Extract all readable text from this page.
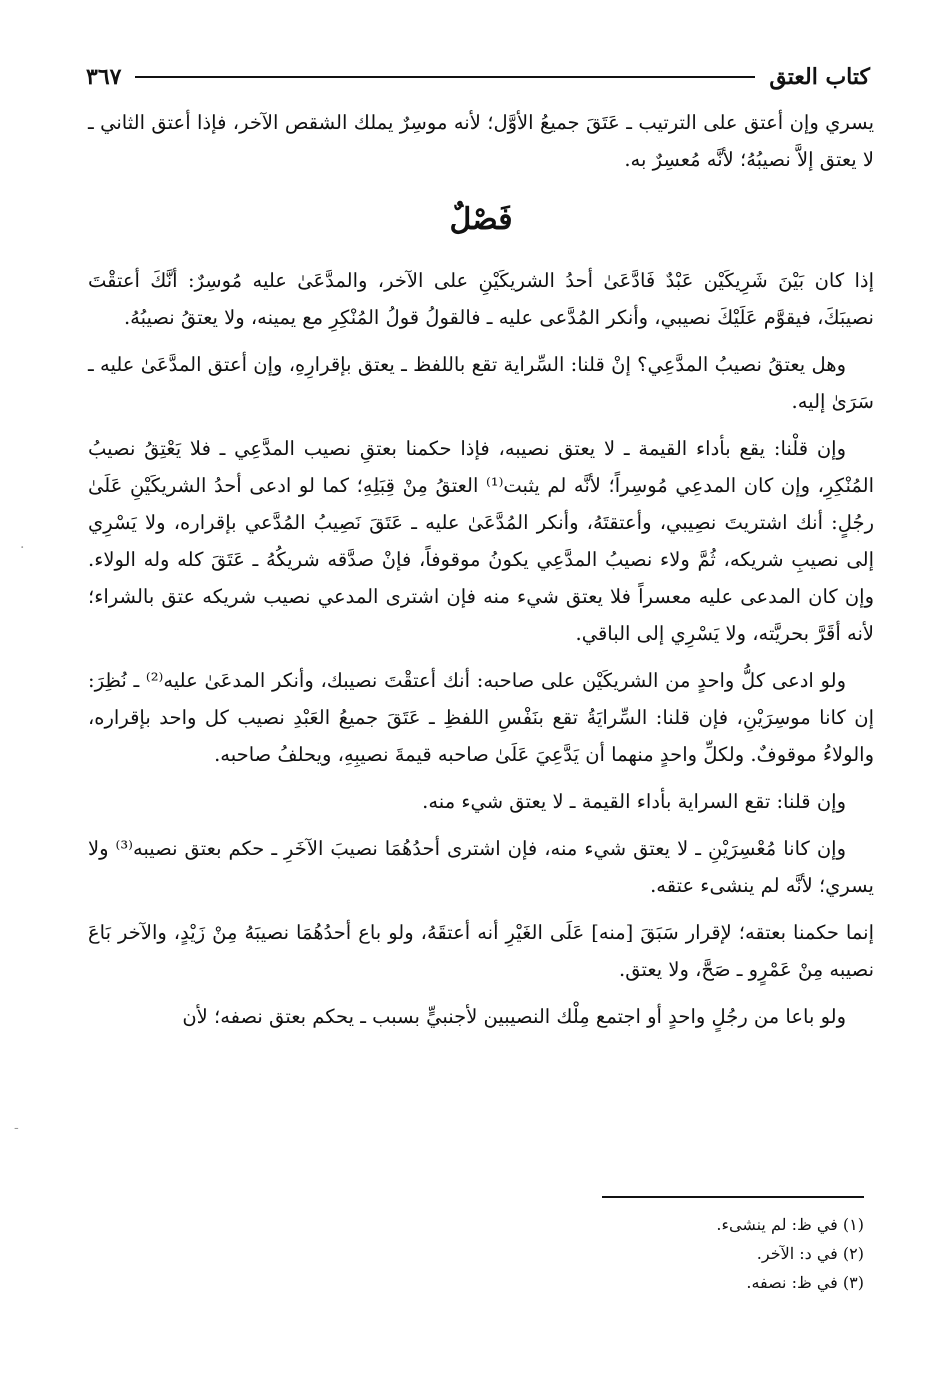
كتاب العتق
٣٦٧

يسري وإن أعتق على الترتيب ـ عَتَقَ جميعُ الأوَّل؛ لأنه موسِرٌ يملك الشقص الآخر، فإذا أعتق الثاني ـ لا يعتق إلاَّ نصيبُهُ؛ لأنَّه مُعسِرٌ به.

فَصْلٌ

إذا كان بَيْنَ شَرِيكَيْن عَبْدٌ فَادَّعَىٰ أحدُ الشريكَيْنِ على الآخر، والمدَّعَىٰ عليه مُوسِرٌ: أنَّكَ أعتقْتَ نصيبَكَ، فيقوَّم عَلَيْكَ نصيبي، وأنكر المُدَّعى عليه ـ فالقولُ قولُ المُنْكِرِ مع يمينه، ولا يعتقُ نصيبُهُ.

وهل يعتقُ نصيبُ المدَّعِي؟ إنْ قلنا: السِّراية تقع باللفظ ـ يعتق بإقرارِهِ، وإن أعتق المدَّعَىٰ عليه ـ سَرَىٰ إليه.

وإن قلْنا: يقع بأداء القيمة ـ لا يعتق نصيبه، فإذا حكمنا بعتقِ نصيب المدَّعِي ـ فلا يَعْتِقُ نصيبُ المُنْكِرِ، وإن كان المدعِي مُوسِراً؛ لأنَّه لم يثبت⁽¹⁾ العتقُ مِنْ قِبَلِهِ؛ كما لو ادعى أحدُ الشريكَيْنِ عَلَىٰ رجُلٍ: أنك اشتريتَ نصِيبي، وأعتقتَهُ، وأنكر المُدَّعَىٰ عليه ـ عَتَقَ نَصِيبُ المُدَّعي بإقراره، ولا يَسْرِي إلى نصيبِ شريكه، ثُمَّ ولاء نصيبُ المدَّعِي يكونُ موقوفاً، فإنْ صدَّقه شريكُهُ ـ عَتَقَ كله وله الولاء. وإن كان المدعى عليه معسراً فلا يعتق شيء منه فإن اشترى المدعي نصيب شريكه عتق بالشراء؛ لأنه أقَرَّ بحريَّته، ولا يَسْرِي إلى الباقي.

ولو ادعى كلُّ واحدٍ من الشريكَيْن على صاحبه: أنك أعتقْتَ نصيبك، وأنكر المدعَىٰ عليه⁽²⁾ ـ نُظِرَ: إن كانا موسِرَيْنِ، فإن قلنا: السِّرايَةُ تقع بنَفْسِ اللفظِ ـ عَتَقَ جميعُ العَبْدِ نصيب كل واحد بإقراره، والولاءُ موقوفٌ. ولكلِّ واحدٍ منهما أن يَدَّعِيَ عَلَىٰ صاحبه قيمةَ نصيبِهِ، ويحلفُ صاحبه.

وإن قلنا: تقع السراية بأداء القيمة ـ لا يعتق شيء منه.

وإن كانا مُعْسِرَيْنِ ـ لا يعتق شيء منه، فإن اشترى أحدُهُمَا نصيبَ الآخَرِ ـ حكم بعتق نصيبه⁽³⁾ ولا يسري؛ لأنَّه لم ينشىء عتقه.

إنما حكمنا بعتقه؛ لإقرار سَبَقَ [منه] عَلَى الغَيْرِ أنه أعتقَهُ، ولو باع أحدُهُمَا نصيبَهُ مِنْ زَيْدٍ، والآخر بَاعَ نصيبه مِنْ عَمْرٍو ـ صَحَّ، ولا يعتق.

ولو باعا من رجُلٍ واحدٍ أو اجتمع مِلْك النصيبين لأجنبيٍّ بسبب ـ يحكم بعتق نصفه؛ لأن

(١) في ظ: لم ينشىء.
(٢) في د: الآخر.
(٣) في ظ: نصفه.
·
-
